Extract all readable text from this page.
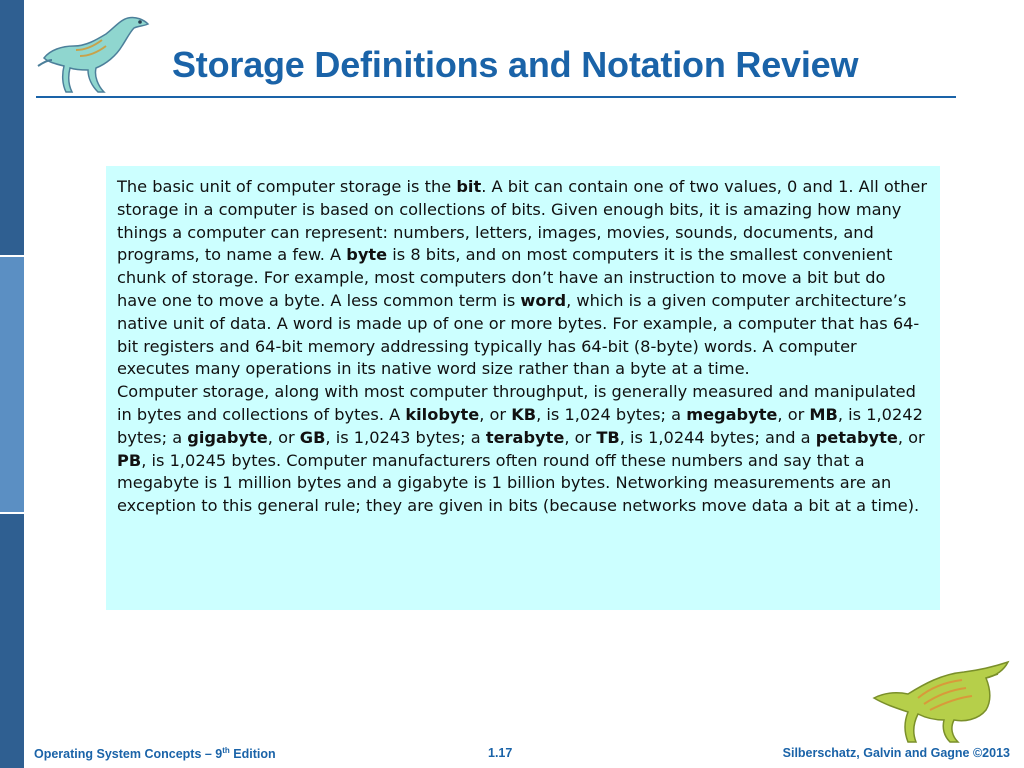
Storage Definitions and Notation Review

The basic unit of computer storage is the bit. A bit can contain one of two values, 0 and 1. All other storage in a computer is based on collections of bits. Given enough bits, it is amazing how many things a computer can represent: numbers, letters, images, movies, sounds, documents, and programs, to name a few. A byte is 8 bits, and on most computers it is the smallest convenient chunk of storage. For example, most computers don’t have an instruction to move a bit but do have one to move a byte. A less common term is word, which is a given computer architecture’s native unit of data. A word is made up of one or more bytes. For example, a computer that has 64-bit registers and 64-bit memory addressing typically has 64-bit (8-byte) words. A computer executes many operations in its native word size rather than a byte at a time.

Computer storage, along with most computer throughput, is generally measured and manipulated in bytes and collections of bytes. A kilobyte, or KB, is 1,024 bytes; a megabyte, or MB, is 1,0242 bytes; a gigabyte, or GB, is 1,0243 bytes; a terabyte, or TB, is 1,0244 bytes; and a petabyte, or PB, is 1,0245 bytes. Computer manufacturers often round off these numbers and say that a megabyte is 1 million bytes and a gigabyte is 1 billion bytes. Networking measurements are an exception to this general rule; they are given in bits (because networks move data a bit at a time).

Operating System Concepts – 9th Edition	1.17	Silberschatz, Galvin and Gagne ©2013
